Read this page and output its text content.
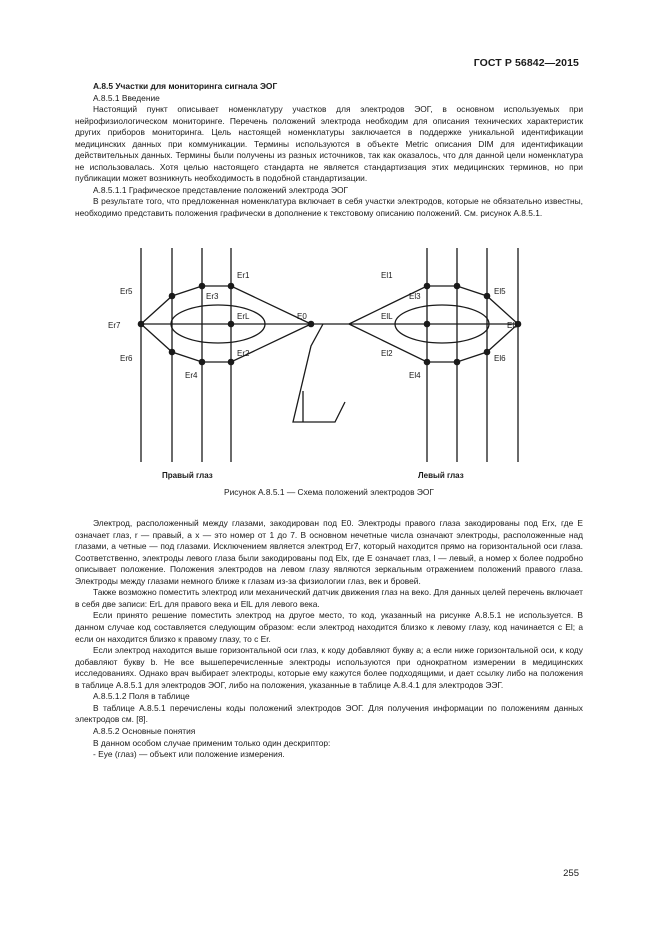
ГОСТ Р 56842—2015

A.8.5 Участки для мониторинга сигнала ЭОГ

A.8.5.1 Введение

Настоящий пункт описывает номенклатуру участков для электродов ЭОГ, в основном используемых при нейрофизиологическом мониторинге. Перечень положений электрода необходим для описания технических характеристик других приборов мониторинга. Цель настоящей номенклатуры заключается в поддержке уникальной идентификации медицинских данных при коммуникации. Термины используются в объекте Metric описания DIM для идентификации действительных данных. Термины были получены из разных источников, так как оказалось, что для данной цели номенклатура не использовалась. Хотя целью настоящего стандарта не является стандартизация этих медицинских терминов, но при публикации может возникнуть необходимость в подобной стандартизации.

A.8.5.1.1 Графическое представление положений электрода ЭОГ

В результате того, что предложенная номенклатура включает в себя участки электродов, которые не обязательно известны, необходимо представить положения графически в дополнение к текстовому описанию положений. См. рисунок А.8.5.1.

Er1
Er3
Er5
Er7
ErL
Er6
Er2
Er4
E0
El1
El3
El5
El7
ElL
El6
El2
El4
Правый глаз	Левый глаз

Рисунок А.8.5.1 — Схема положений электродов ЭОГ

Электрод, расположенный между глазами, закодирован под E0. Электроды правого глаза закодированы под Erx, где E означает глаз, r — правый, а x — это номер от 1 до 7. В основном нечетные числа означают электроды, расположенные над глазами, а четные — под глазами. Исключением является электрод Er7, который находится прямо на горизонтальной оси глаза. Соответственно, электроды левого глаза были закодированы под Elx, где E означает глаз, l — левый, а номер x более подробно описывает положение. Положения электродов на левом глазу являются зеркальным отражением положений правого глаза. Электроды между глазами немного ближе к глазам из-за физиологии глаз, век и бровей.

Также возможно поместить электрод или механический датчик движения глаз на веко. Для данных целей перечень включает в себя две записи: ErL для правого века и ElL для левого века.

Если принято решение поместить электрод на другое место, то код, указанный на рисунке А.8.5.1 не используется. В данном случае код составляется следующим образом: если электрод находится близко к левому глазу, код начинается с El; а если он находится близко к правому глазу, то с Er.

Если электрод находится выше горизонтальной оси глаз, к коду добавляют букву a; а если ниже горизонтальной оси, к коду добавляют букву b. Не все вышеперечисленные электроды используются при однократном измерении в медицинских исследованиях. Однако врач выбирает электроды, которые ему кажутся более подходящими, и дает ссылку либо на положения в таблице А.8.5.1 для электродов ЭОГ, либо на положения, указанные в таблице А.8.4.1 для электродов ЭЭГ.

A.8.5.1.2 Поля в таблице

В таблице А.8.5.1 перечислены коды положений электродов ЭОГ. Для получения информации по положениям данных электродов см. [8].

A.8.5.2 Основные понятия

В данном особом случае применим только один дескриптор:

- Eye (глаз) — объект или положение измерения.

255
